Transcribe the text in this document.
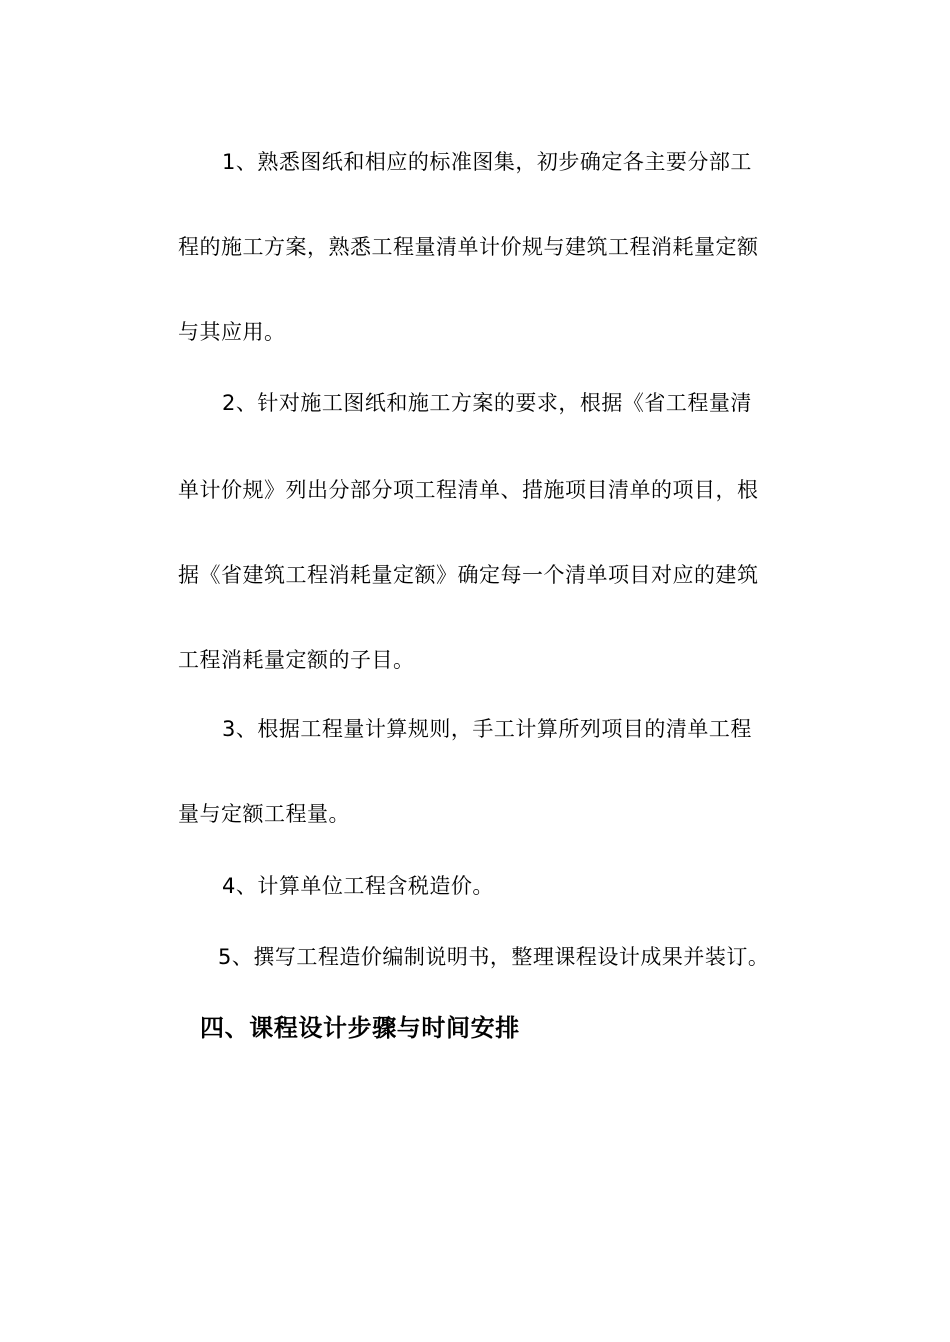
1、熟悉图纸和相应的标准图集，初步确定各主要分部工

程的施工方案，熟悉工程量清单计价规与建筑工程消耗量定额

与其应用。

2、针对施工图纸和施工方案的要求，根据《省工程量清

单计价规》列出分部分项工程清单、措施项目清单的项目，根

据《省建筑工程消耗量定额》确定每一个清单项目对应的建筑

工程消耗量定额的子目。

3、根据工程量计算规则，手工计算所列项目的清单工程

量与定额工程量。

4、计算单位工程含税造价。

5、撰写工程造价编制说明书，整理课程设计成果并装订。

四、课程设计步骤与时间安排
